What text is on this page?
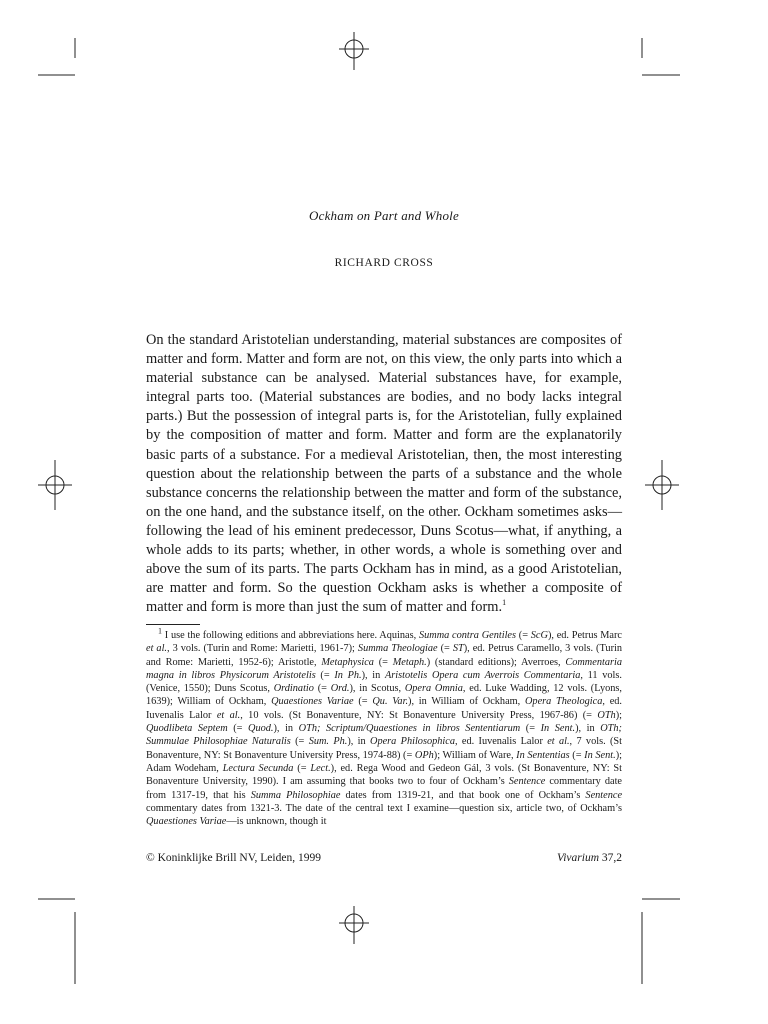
Ockham on Part and Whole
RICHARD CROSS

On the standard Aristotelian understanding, material substances are composites of matter and form. Matter and form are not, on this view, the only parts into which a material substance can be analysed. Material substances have, for example, integral parts too. (Material substances are bodies, and no body lacks integral parts.) But the possession of integral parts is, for the Aristotelian, fully explained by the composition of matter and form. Matter and form are the explanatorily basic parts of a substance. For a medieval Aristotelian, then, the most interesting question about the relationship between the parts of a substance and the whole substance concerns the relationship between the matter and form of the substance, on the one hand, and the substance itself, on the other. Ockham sometimes asks—following the lead of his eminent predecessor, Duns Scotus—what, if anything, a whole adds to its parts; whether, in other words, a whole is something over and above the sum of its parts. The parts Ockham has in mind, as a good Aristotelian, are matter and form. So the question Ockham asks is whether a composite of matter and form is more than just the sum of matter and form.$^1$

$^1$ I use the following editions and abbreviations here. Aquinas, Summa contra Gentiles (= ScG), ed. Petrus Marc et al., 3 vols. (Turin and Rome: Marietti, 1961-7); Summa Theologiae (= ST), ed. Petrus Caramello, 3 vols. (Turin and Rome: Marietti, 1952-6); Aristotle, Metaphysica (= Metaph.) (standard editions); Averroes, Commentaria magna in libros Physicorum Aristotelis (= In Ph.), in Aristotelis Opera cum Averrois Commentaria, 11 vols. (Venice, 1550); Duns Scotus, Ordinatio (= Ord.), in Scotus, Opera Omnia, ed. Luke Wadding, 12 vols. (Lyons, 1639); William of Ockham, Quaestiones Variae (= Qu. Var.), in William of Ockham, Opera Theologica, ed. Iuvenalis Lalor et al., 10 vols. (St Bonaventure, NY: St Bonaventure University Press, 1967-86) (= OTh); Quodlibeta Septem (= Quod.), in OTh; Scriptum/Quaestiones in libros Sententiarum (= In Sent.), in OTh; Summulae Philosophiae Naturalis (= Sum. Ph.), in Opera Philosophica, ed. Iuvenalis Lalor et al., 7 vols. (St Bonaventure, NY: St Bonaventure University Press, 1974-88) (= OPh); William of Ware, In Sententias (= In Sent.); Adam Wodeham, Lectura Secunda (= Lect.), ed. Rega Wood and Gedeon Gál, 3 vols. (St Bonaventure, NY: St Bonaventure University, 1990). I am assuming that books two to four of Ockham’s Sentence commentary date from 1317-19, that his Summa Philosophiae dates from 1319-21, and that book one of Ockham’s Sentence commentary dates from 1321-3. The date of the central text I examine—question six, article two, of Ockham’s Quaestiones Variae—is unknown, though it

© Koninklijke Brill NV, Leiden, 1999	Vivarium 37,2
